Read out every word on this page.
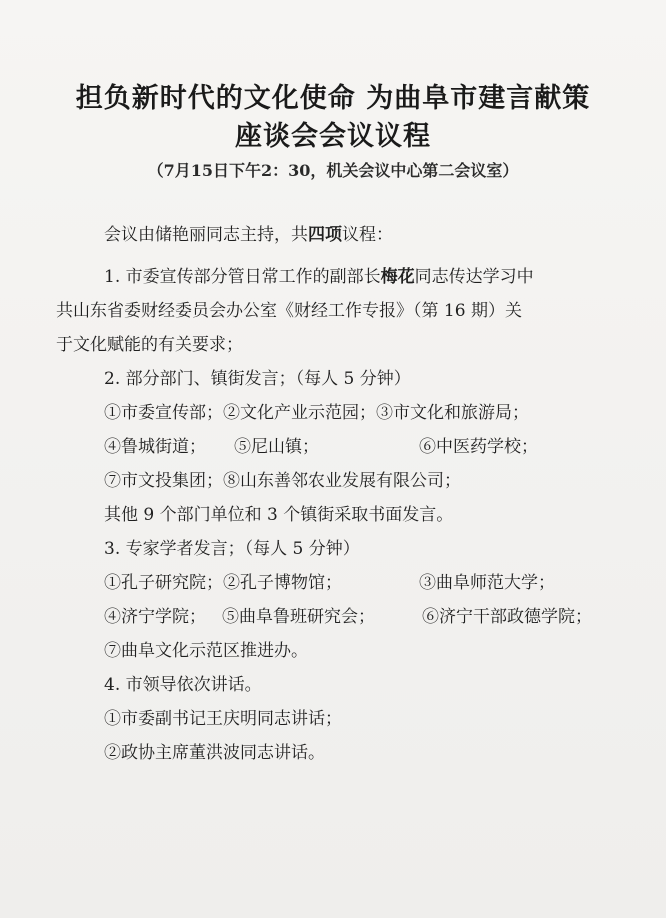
担负新时代的文化使命 为曲阜市建言献策
座谈会会议议程
（7月15日下午2：30，机关会议中心第二会议室）
会议由储艳丽同志主持，共四项议程：
1. 市委宣传部分管日常工作的副部长梅花同志传达学习中
共山东省委财经委员会办公室《财经工作专报》（第 16 期）关
于文化赋能的有关要求；
2. 部分部门、镇街发言；（每人 5 分钟）
①市委宣传部；②文化产业示范园；③市文化和旅游局；
④鲁城街道；	⑤尼山镇；	⑥中医药学校；
⑦市文投集团；⑧山东善邻农业发展有限公司；
其他 9 个部门单位和 3 个镇街采取书面发言。
3. 专家学者发言；（每人 5 分钟）
①孔子研究院；②孔子博物馆；	③曲阜师范大学；
④济宁学院； ⑤曲阜鲁班研究会；	⑥济宁干部政德学院；
⑦曲阜文化示范区推进办。
4. 市领导依次讲话。
①市委副书记王庆明同志讲话；
②政协主席董洪波同志讲话。
